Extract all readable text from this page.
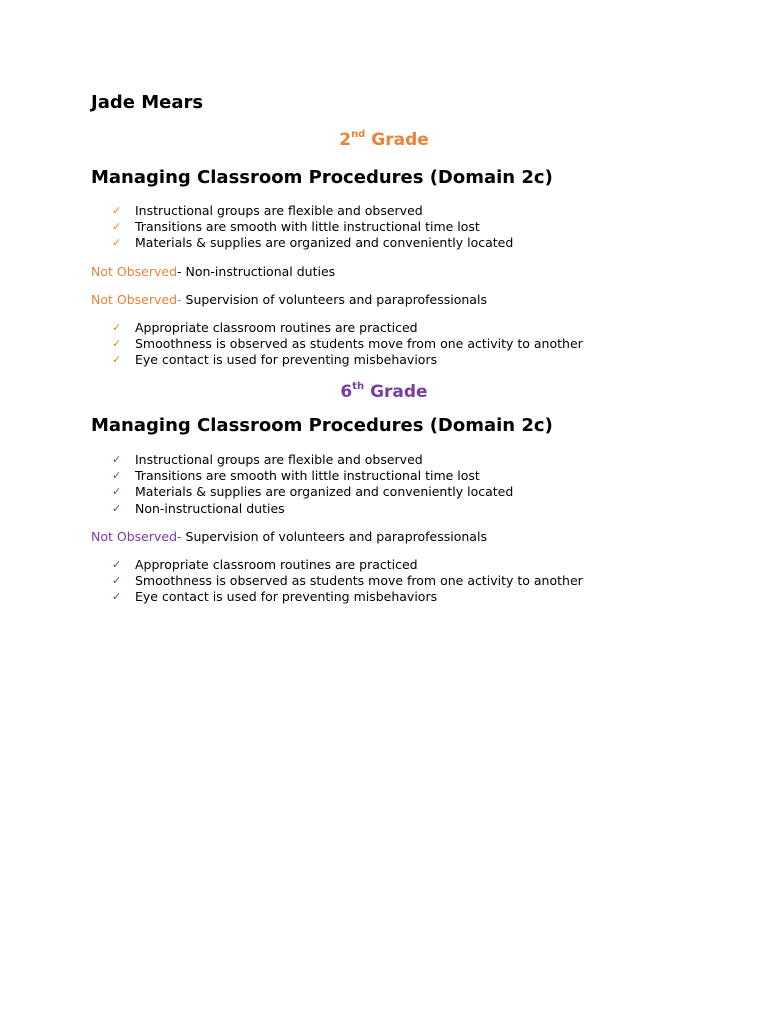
Jade Mears
2nd Grade
Managing Classroom Procedures (Domain 2c)
✓	Instructional groups are flexible and observed
✓	Transitions are smooth with little instructional time lost
✓	Materials & supplies are organized and conveniently located
Not Observed- Non-instructional duties
Not Observed- Supervision of volunteers and paraprofessionals
✓	Appropriate classroom routines are practiced
✓	Smoothness is observed as students move from one activity to another
✓	Eye contact is used for preventing misbehaviors
6th Grade
Managing Classroom Procedures (Domain 2c)
✓	Instructional groups are flexible and observed
✓	Transitions are smooth with little instructional time lost
✓	Materials & supplies are organized and conveniently located
✓	Non-instructional duties
Not Observed- Supervision of volunteers and paraprofessionals
✓	Appropriate classroom routines are practiced
✓	Smoothness is observed as students move from one activity to another
✓	Eye contact is used for preventing misbehaviors
